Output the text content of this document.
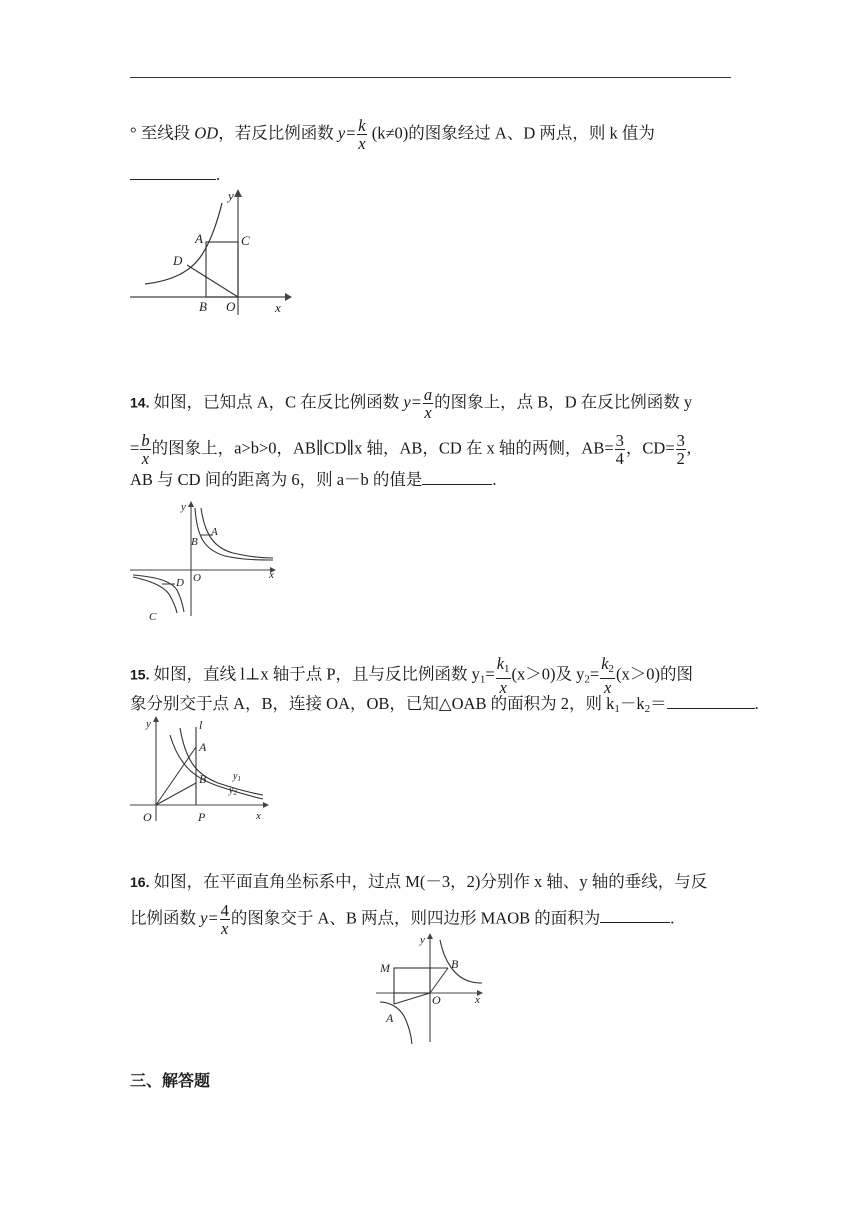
° 至线段 OD，若反比例函数 $y= \frac{k}{x} (k\ne 0)$的图象经过 A、D 两点，则 k 值为
.
y
x
A	C
D
B O
14. 如图，已知点 A，C 在反比例函数 $y= \frac{a}{x}$ 的图象上，点 B，D 在反比例函数 y
= $\frac{b}{x}$ 的图象上，a>b>0，AB∥CD∥x 轴，AB，CD 在 x 轴的两侧，$AB= \frac{3}{4}$ ，$CD= \frac{3}{2}$ ,
AB 与 CD 间的距离为 6，则 a－b 的值是	.
y
x
A
B
D
C
O
15. 如图，直线 l⊥x 轴于点 P，且与反比例函数 $y_1= \frac{k_1}{x} (x>0)$及 $y_2= \frac{k_2}{x} (x>0)$的图
象分别交于点 A，B，连接 OA，OB，已知△OAB 的面积为 2，则 $k_1-k_2=$	.
y	l
A
B	$y_1$
$y_2$
O	P	x
16. 如图，在平面直角坐标系中，过点 M(－3，2)分别作 x 轴、y 轴的垂线，与反
比例函数 $y= \frac{4}{x}$ 的图象交于 A、B 两点，则四边形 MAOB 的面积为	.
y
M	B
O	x
A
三、解答题
